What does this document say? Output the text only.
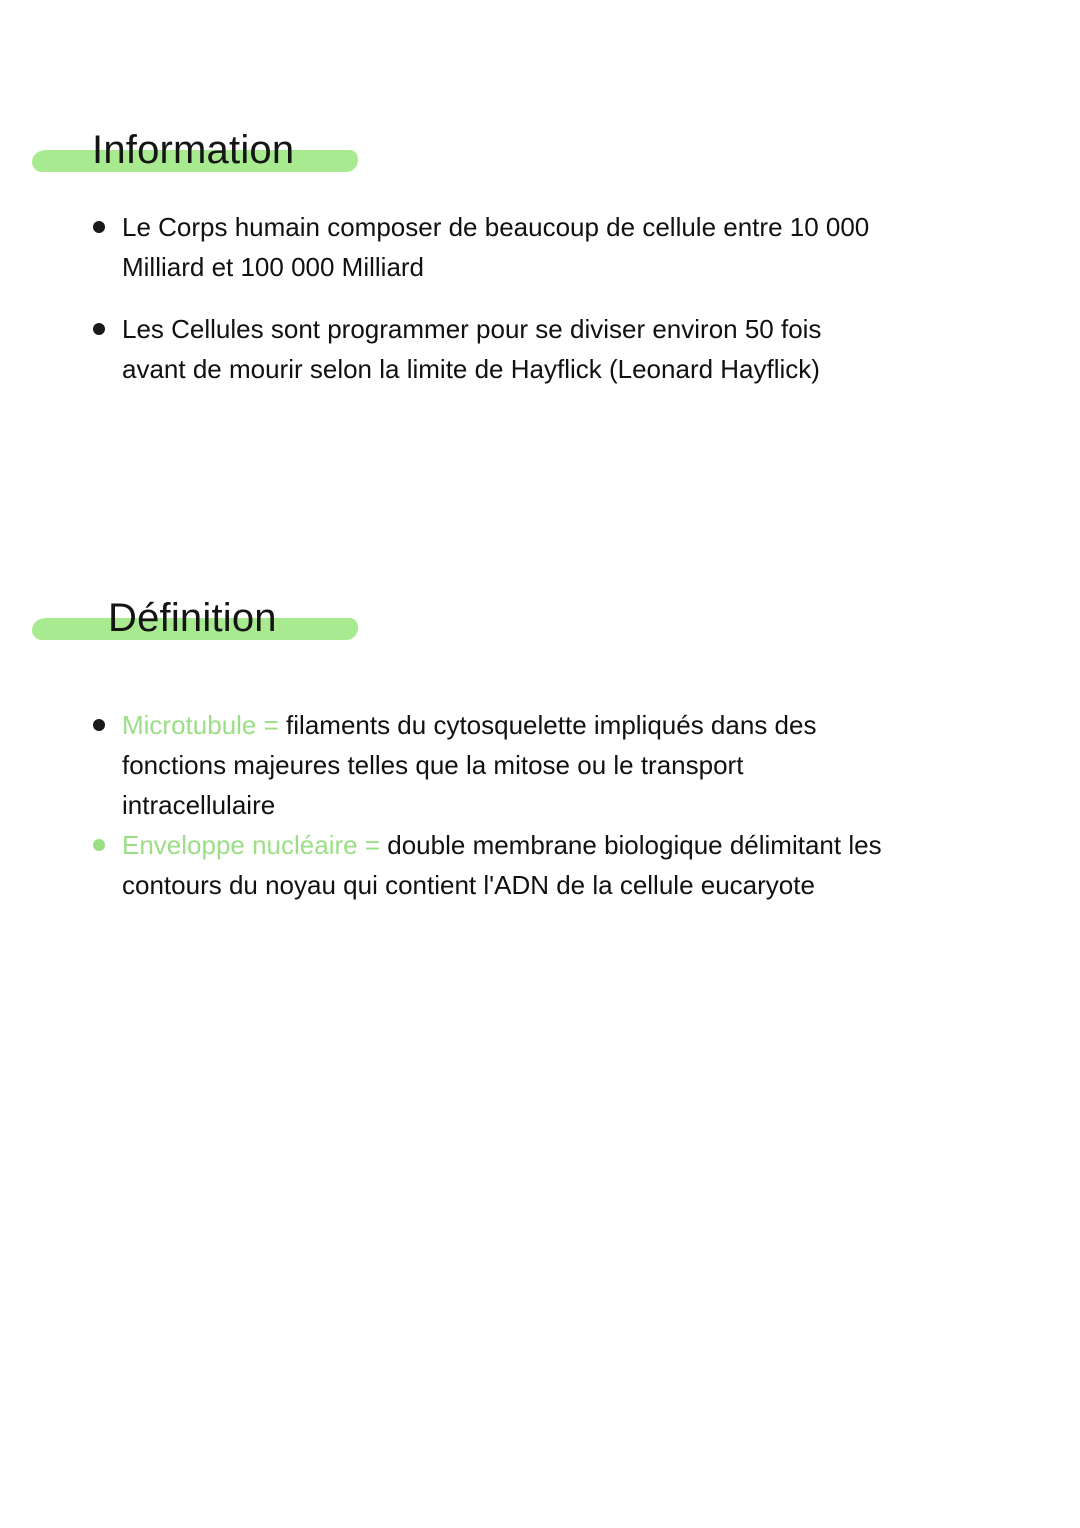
Information
Le Corps humain composer de beaucoup de cellule entre 10 000 Milliard et 100 000 Milliard
Les Cellules sont programmer pour se diviser environ 50 fois avant de mourir selon la limite de Hayflick (Leonard Hayflick)
Définition
Microtubule = filaments du cytosquelette impliqués dans des fonctions majeures telles que la mitose ou le transport intracellulaire
Enveloppe nucléaire = double membrane biologique délimitant les contours du noyau qui contient l'ADN de la cellule eucaryote
